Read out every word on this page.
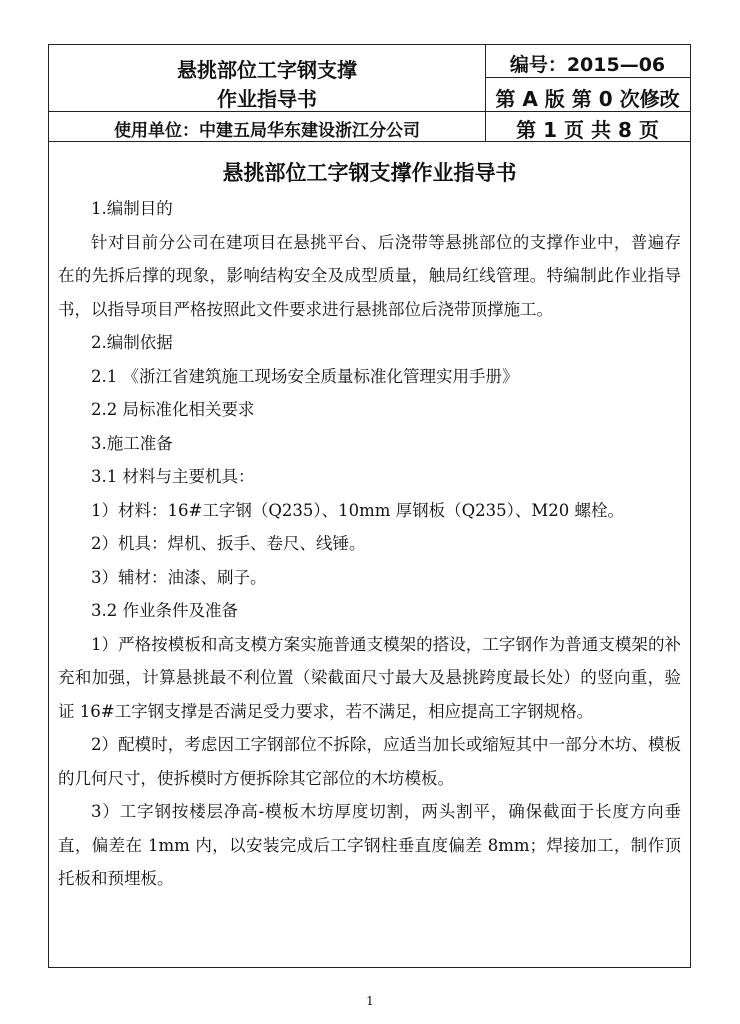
悬挑部位工字钢支撑
作业指导书
编号：2015—06
第 A 版 第 0 次修改
使用单位：中建五局华东建设浙江分公司	第 1 页 共 8 页
悬挑部位工字钢支撑作业指导书

1.编制目的

针对目前分公司在建项目在悬挑平台、后浇带等悬挑部位的支撑作业中，普遍存在的先拆后撑的现象，影响结构安全及成型质量，触局红线管理。特编制此作业指导书，以指导项目严格按照此文件要求进行悬挑部位后浇带顶撑施工。

2.编制依据

2.1 《浙江省建筑施工现场安全质量标准化管理实用手册》

2.2 局标准化相关要求

3.施工准备

3.1 材料与主要机具：

1）材料：16#工字钢（Q235）、10mm 厚钢板（Q235）、M20 螺栓。

2）机具：焊机、扳手、卷尺、线锤。

3）辅材：油漆、刷子。

3.2 作业条件及准备

1）严格按模板和高支模方案实施普通支模架的搭设，工字钢作为普通支模架的补充和加强，计算悬挑最不利位置（梁截面尺寸最大及悬挑跨度最长处）的竖向重，验证 16#工字钢支撑是否满足受力要求，若不满足，相应提高工字钢规格。

2）配模时，考虑因工字钢部位不拆除，应适当加长或缩短其中一部分木坊、模板的几何尺寸，使拆模时方便拆除其它部位的木坊模板。

3）工字钢按楼层净高-模板木坊厚度切割，两头割平，确保截面于长度方向垂直，偏差在 1mm 内，以安装完成后工字钢柱垂直度偏差 8mm；焊接加工，制作顶托板和预埋板。

1
